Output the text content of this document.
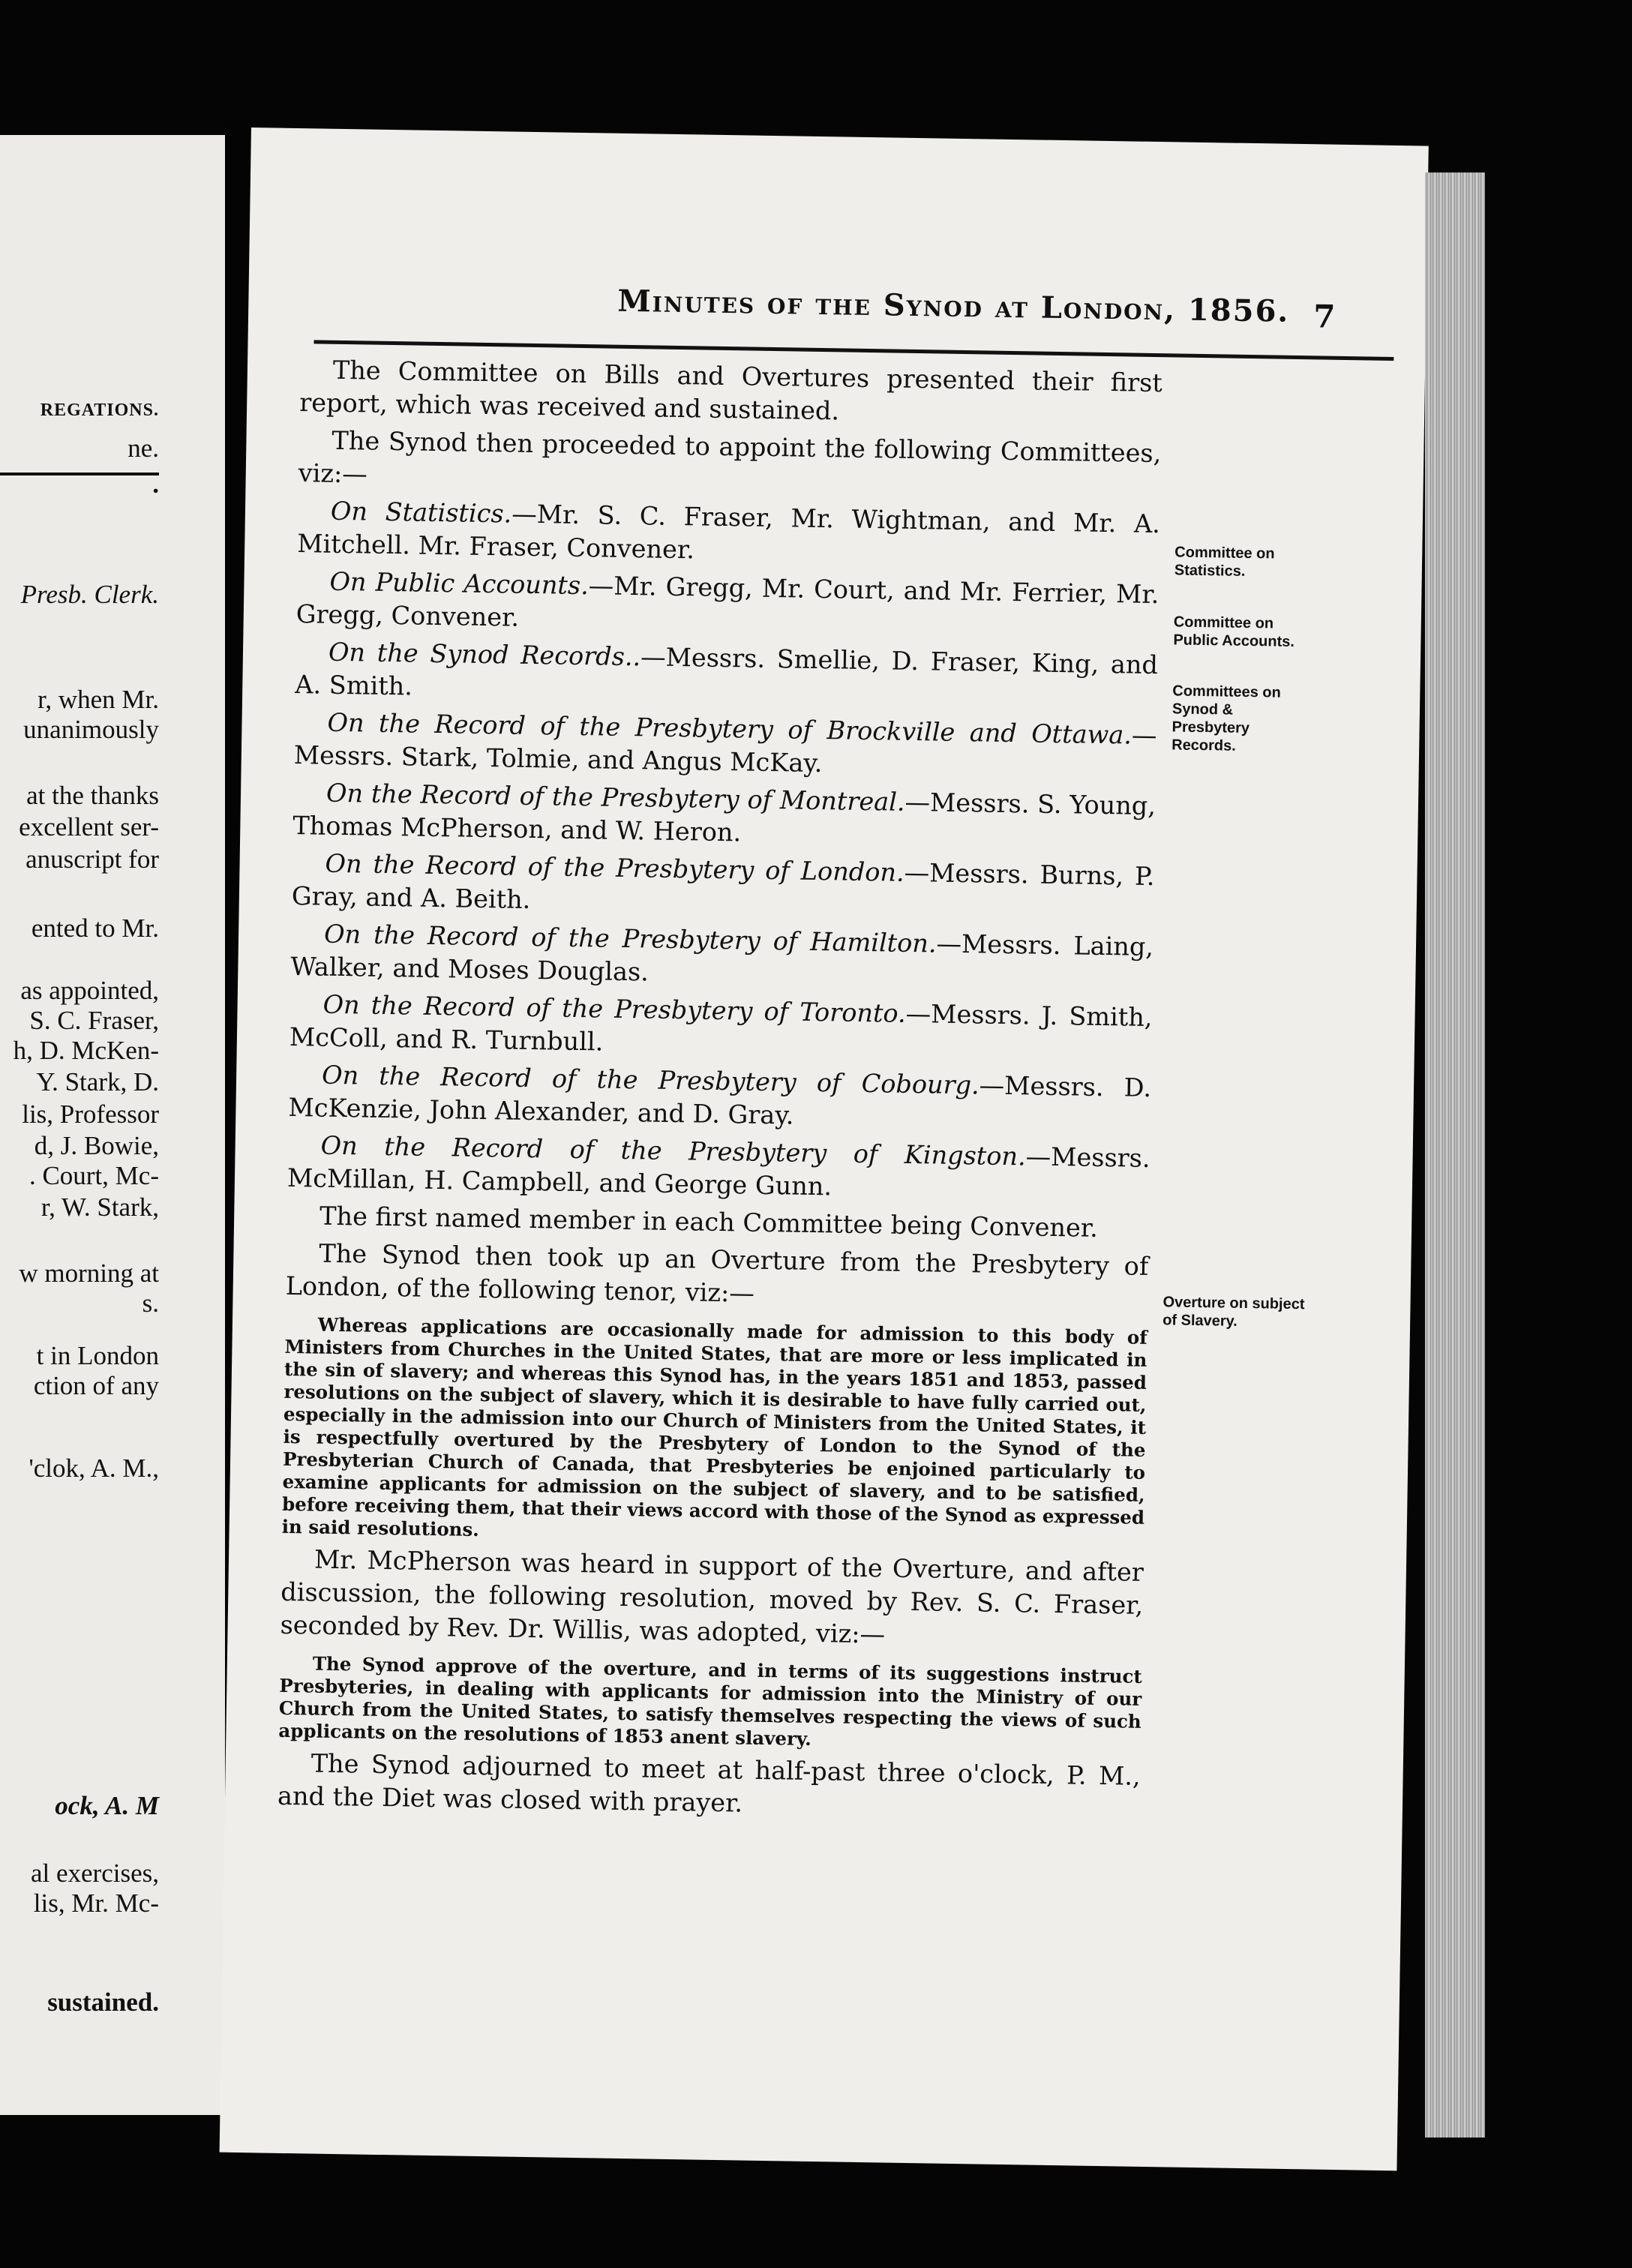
REGATIONS.
ne.
.
Presb. Clerk.
r, when Mr.
unanimously
at the thanks
excellent ser-
anuscript for
ented to Mr.
as appointed,
S. C. Fraser,
h, D. McKen-
Y. Stark, D.
lis, Professor
d, J. Bowie,
. Court, Mc-
r, W. Stark,
w morning at
s.
t in London
ction of any
'clok, A. M.,
ock, A. M
al exercises,
lis, Mr. Mc-
sustained.
Minutes of the Synod at London, 1856. 7

The Committee on Bills and Overtures presented their first report, which was received and sustained.

The Synod then proceeded to appoint the following Committees, viz:—

On Statistics.—Mr. S. C. Fraser, Mr. Wightman, and Mr. A. Mitchell. Mr. Fraser, Convener.

On Public Accounts.—Mr. Gregg, Mr. Court, and Mr. Ferrier, Mr. Gregg, Convener.

On the Synod Records..—Messrs. Smellie, D. Fraser, King, and A. Smith.

On the Record of the Presbytery of Brockville and Ottawa.—Messrs. Stark, Tolmie, and Angus McKay.

On the Record of the Presbytery of Montreal.—Messrs. S. Young, Thomas McPherson, and W. Heron.

On the Record of the Presbytery of London.—Messrs. Burns, P. Gray, and A. Beith.

On the Record of the Presbytery of Hamilton.—Messrs. Laing, Walker, and Moses Douglas.

On the Record of the Presbytery of Toronto.—Messrs. J. Smith, McColl, and R. Turnbull.

On the Record of the Presbytery of Cobourg.—Messrs. D. McKenzie, John Alexander, and D. Gray.

On the Record of the Presbytery of Kingston.—Messrs. McMillan, H. Campbell, and George Gunn.

The first named member in each Committee being Convener.

The Synod then took up an Overture from the Presbytery of London, of the following tenor, viz:—

Whereas applications are occasionally made for admission to this body of Ministers from Churches in the United States, that are more or less implicated in the sin of slavery; and whereas this Synod has, in the years 1851 and 1853, passed resolutions on the subject of slavery, which it is desirable to have fully carried out, especially in the admission into our Church of Ministers from the United States, it is respectfully overtured by the Presbytery of London to the Synod of the Presbyterian Church of Canada, that Presbyteries be enjoined particularly to examine applicants for admission on the subject of slavery, and to be satisfied, before receiving them, that their views accord with those of the Synod as expressed in said resolutions.

Mr. McPherson was heard in support of the Overture, and after discussion, the following resolution, moved by Rev. S. C. Fraser, seconded by Rev. Dr. Willis, was adopted, viz:—

The Synod approve of the overture, and in terms of its suggestions instruct Presbyteries, in dealing with applicants for admission into the Ministry of our Church from the United States, to satisfy themselves respecting the views of such applicants on the resolutions of 1853 anent slavery.

The Synod adjourned to meet at half-past three o'clock, P. M., and the Diet was closed with prayer.

Committee on Statistics.
Committee on Public Accounts.
Committees on Synod & Presbytery Records.
Overture on subject of Slavery.
